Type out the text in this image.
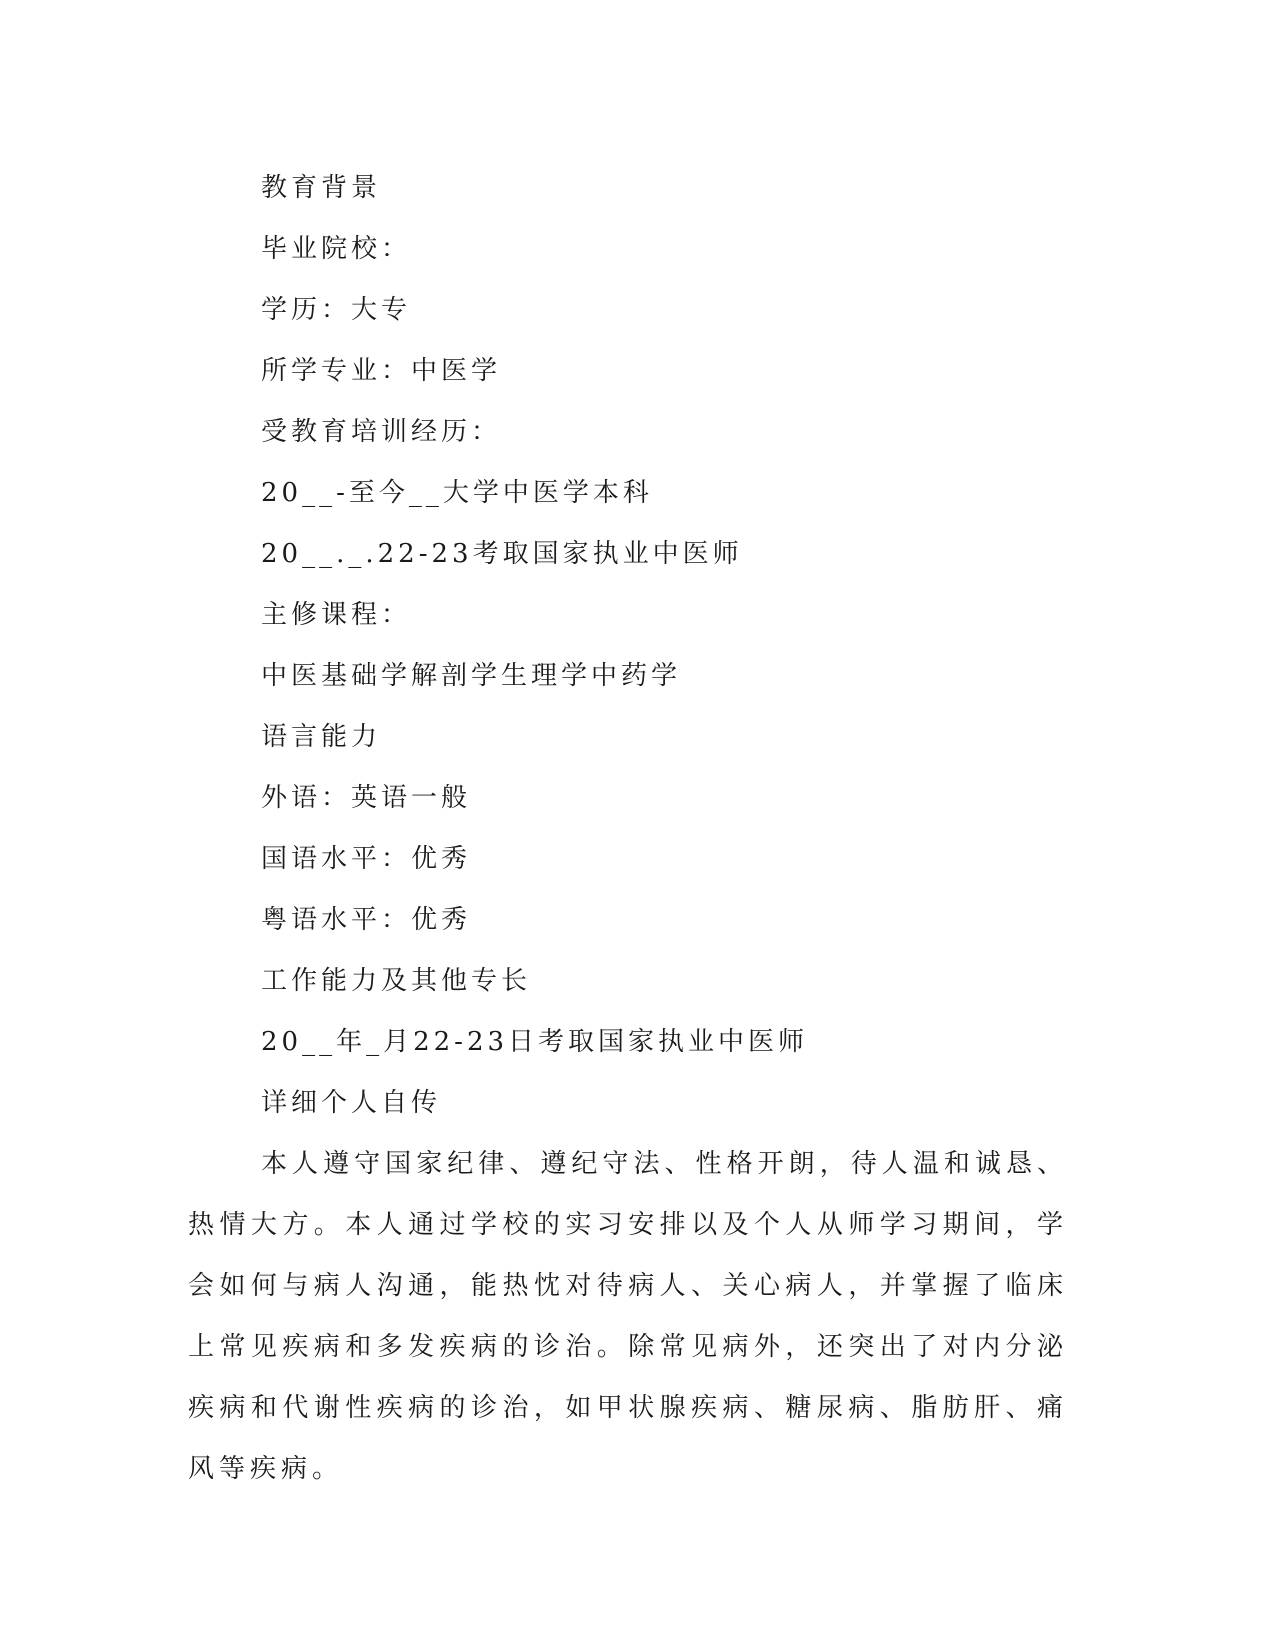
教育背景
毕业院校：
学历：大专
所学专业：中医学
受教育培训经历：
20__-至今__大学中医学本科
20__._.22-23考取国家执业中医师
主修课程：
中医基础学解剖学生理学中药学
语言能力
外语：英语一般
国语水平：优秀
粤语水平：优秀
工作能力及其他专长
20__年_月22-23日考取国家执业中医师
详细个人自传
本人遵守国家纪律、遵纪守法、性格开朗，待人温和诚恳、热情大方。本人通过学校的实习安排以及个人从师学习期间，学会如何与病人沟通，能热忱对待病人、关心病人，并掌握了临床上常见疾病和多发疾病的诊治。除常见病外，还突出了对内分泌疾病和代谢性疾病的诊治，如甲状腺疾病、糖尿病、脂肪肝、痛风等疾病。
